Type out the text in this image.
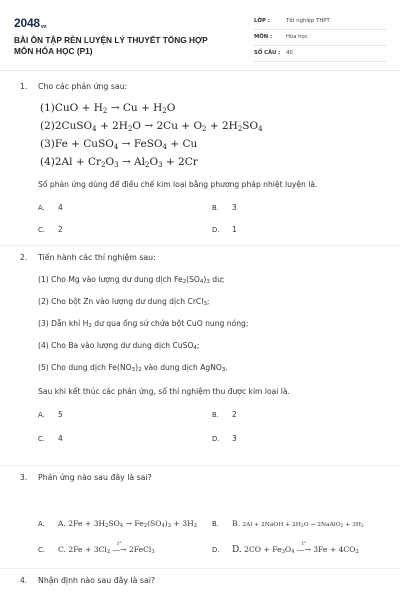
$2048_{vn}$
BÀI ÔN TẬP RÈN LUYỆN LÝ THUYẾT TỔNG HỢP MÔN HÓA HỌC (P1)
LỚP :	Tốt nghiệp THPT
MÔN :	Hóa học
SỐ CÂU : 40
1. Cho các phản ứng sau:
$(1)CuO + H_2 \to Cu + H_2O$
(2)2CuSO$_4$ + $2H_2O \to 2Cu + O_2 + 2H_2SO_4$
(3)Fe + CuSO$_4$ → FeSO$_4$ + Cu
$(4)2Al + Cr_2O_3 \to Al_2O_3 + 2Cr$
Số phản ứng dùng để điều chế kim loại bằng phương pháp nhiệt luyện là.
A. 4	B. 3
C. 2	D. 1
2. Tiến hành các thí nghiệm sau:
(1) Cho Mg vào lượng dư dung dịch $Fe_2(SO_4)_3$ dư;
(2) Cho bột Zn vào lượng dư dung dịch CrCl$_3$;
(3) Dẫn khí $H_2$ dư qua ống sứ chứa bột CuO nung nóng;
(4) Cho Ba vào lượng dư dung dịch CuSO$_4$;
(5) Cho dung dịch $Fe(NO_3)_2$ vào dung dịch AgNO$_3$.
Sau khi kết thúc các phản ứng, số thí nghiệm thu được kim loại là.
A. 5	B. 2
C. 4	D. 3
3. Phản ứng nào sau đây là sai?
A. A. $2Fe + 3H_2SO_4 \to Fe_2(SO_4)_3 + 3H_2$ B. B. 2Al + 2NaOH + $2H_2O$ → 2NaAlO$_2$ + $3H_2$
C. C. $2Fe + 3Cl_2$ —
t°
→ 2FeCl$_3$	D. D. $2CO + Fe_3O_4$ —
t°
→ $3Fe + 4CO_2$
4. Nhận định nào sau đây là sai?
